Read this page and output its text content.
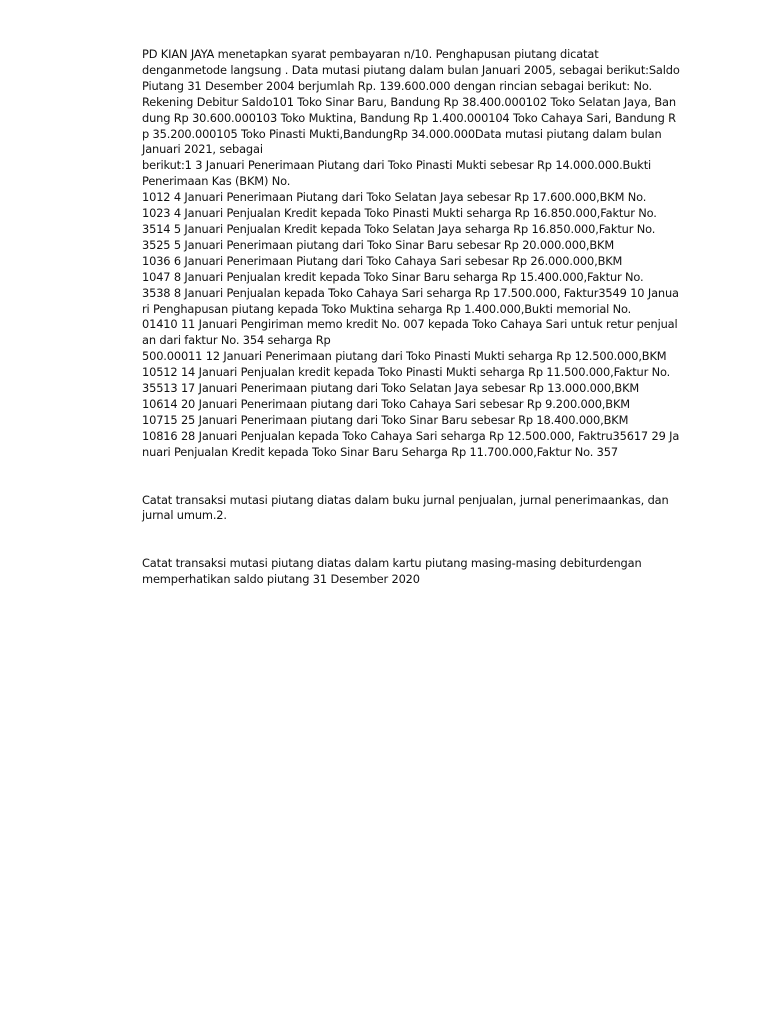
PD KIAN JAYA menetapkan syarat pembayaran n/10. Penghapusan piutang dicatat
denganmetode langsung . Data mutasi piutang dalam bulan Januari 2005, sebagai berikut:Saldo
Piutang 31 Desember 2004 berjumlah Rp. 139.600.000 dengan rincian sebagai berikut: No.
Rekening Debitur Saldo101 Toko Sinar Baru, Bandung Rp 38.400.000102 Toko Selatan Jaya, Ban
dung Rp 30.600.000103 Toko Muktina, Bandung Rp 1.400.000104 Toko Cahaya Sari, Bandung R
p 35.200.000105 Toko Pinasti Mukti,BandungRp 34.000.000Data mutasi piutang dalam bulan
Januari 2021, sebagai
berikut:1 3 Januari Penerimaan Piutang dari Toko Pinasti Mukti sebesar Rp 14.000.000.Bukti
Penerimaan Kas (BKM) No.
1012 4 Januari Penerimaan Piutang dari Toko Selatan Jaya sebesar Rp 17.600.000,BKM No.
1023 4 Januari Penjualan Kredit kepada Toko Pinasti Mukti seharga Rp 16.850.000,Faktur No.
3514 5 Januari Penjualan Kredit kepada Toko Selatan Jaya seharga Rp 16.850.000,Faktur No.
3525 5 Januari Penerimaan piutang dari Toko Sinar Baru sebesar Rp 20.000.000,BKM
1036 6 Januari Penerimaan Piutang dari Toko Cahaya Sari sebesar Rp 26.000.000,BKM
1047 8 Januari Penjualan kredit kepada Toko Sinar Baru seharga Rp 15.400.000,Faktur No.
3538 8 Januari Penjualan kepada Toko Cahaya Sari seharga Rp 17.500.000, Faktur3549 10 Janua
ri Penghapusan piutang kepada Toko Muktina seharga Rp 1.400.000,Bukti memorial No.
01410 11 Januari Pengiriman memo kredit No. 007 kepada Toko Cahaya Sari untuk retur penjual
an dari faktur No. 354 seharga Rp
500.00011 12 Januari Penerimaan piutang dari Toko Pinasti Mukti seharga Rp 12.500.000,BKM
10512 14 Januari Penjualan kredit kepada Toko Pinasti Mukti seharga Rp 11.500.000,Faktur No.
35513 17 Januari Penerimaan piutang dari Toko Selatan Jaya sebesar Rp 13.000.000,BKM
10614 20 Januari Penerimaan piutang dari Toko Cahaya Sari sebesar Rp 9.200.000,BKM
10715 25 Januari Penerimaan piutang dari Toko Sinar Baru sebesar Rp 18.400.000,BKM
10816 28 Januari Penjualan kepada Toko Cahaya Sari seharga Rp 12.500.000, Faktru35617 29 Ja
nuari Penjualan Kredit kepada Toko Sinar Baru Seharga Rp 11.700.000,Faktur No. 357
Catat transaksi mutasi piutang diatas dalam buku jurnal penjualan, jurnal penerimaankas, dan
jurnal umum.2.
Catat transaksi mutasi piutang diatas dalam kartu piutang masing-masing debiturdengan
memperhatikan saldo piutang 31 Desember 2020
